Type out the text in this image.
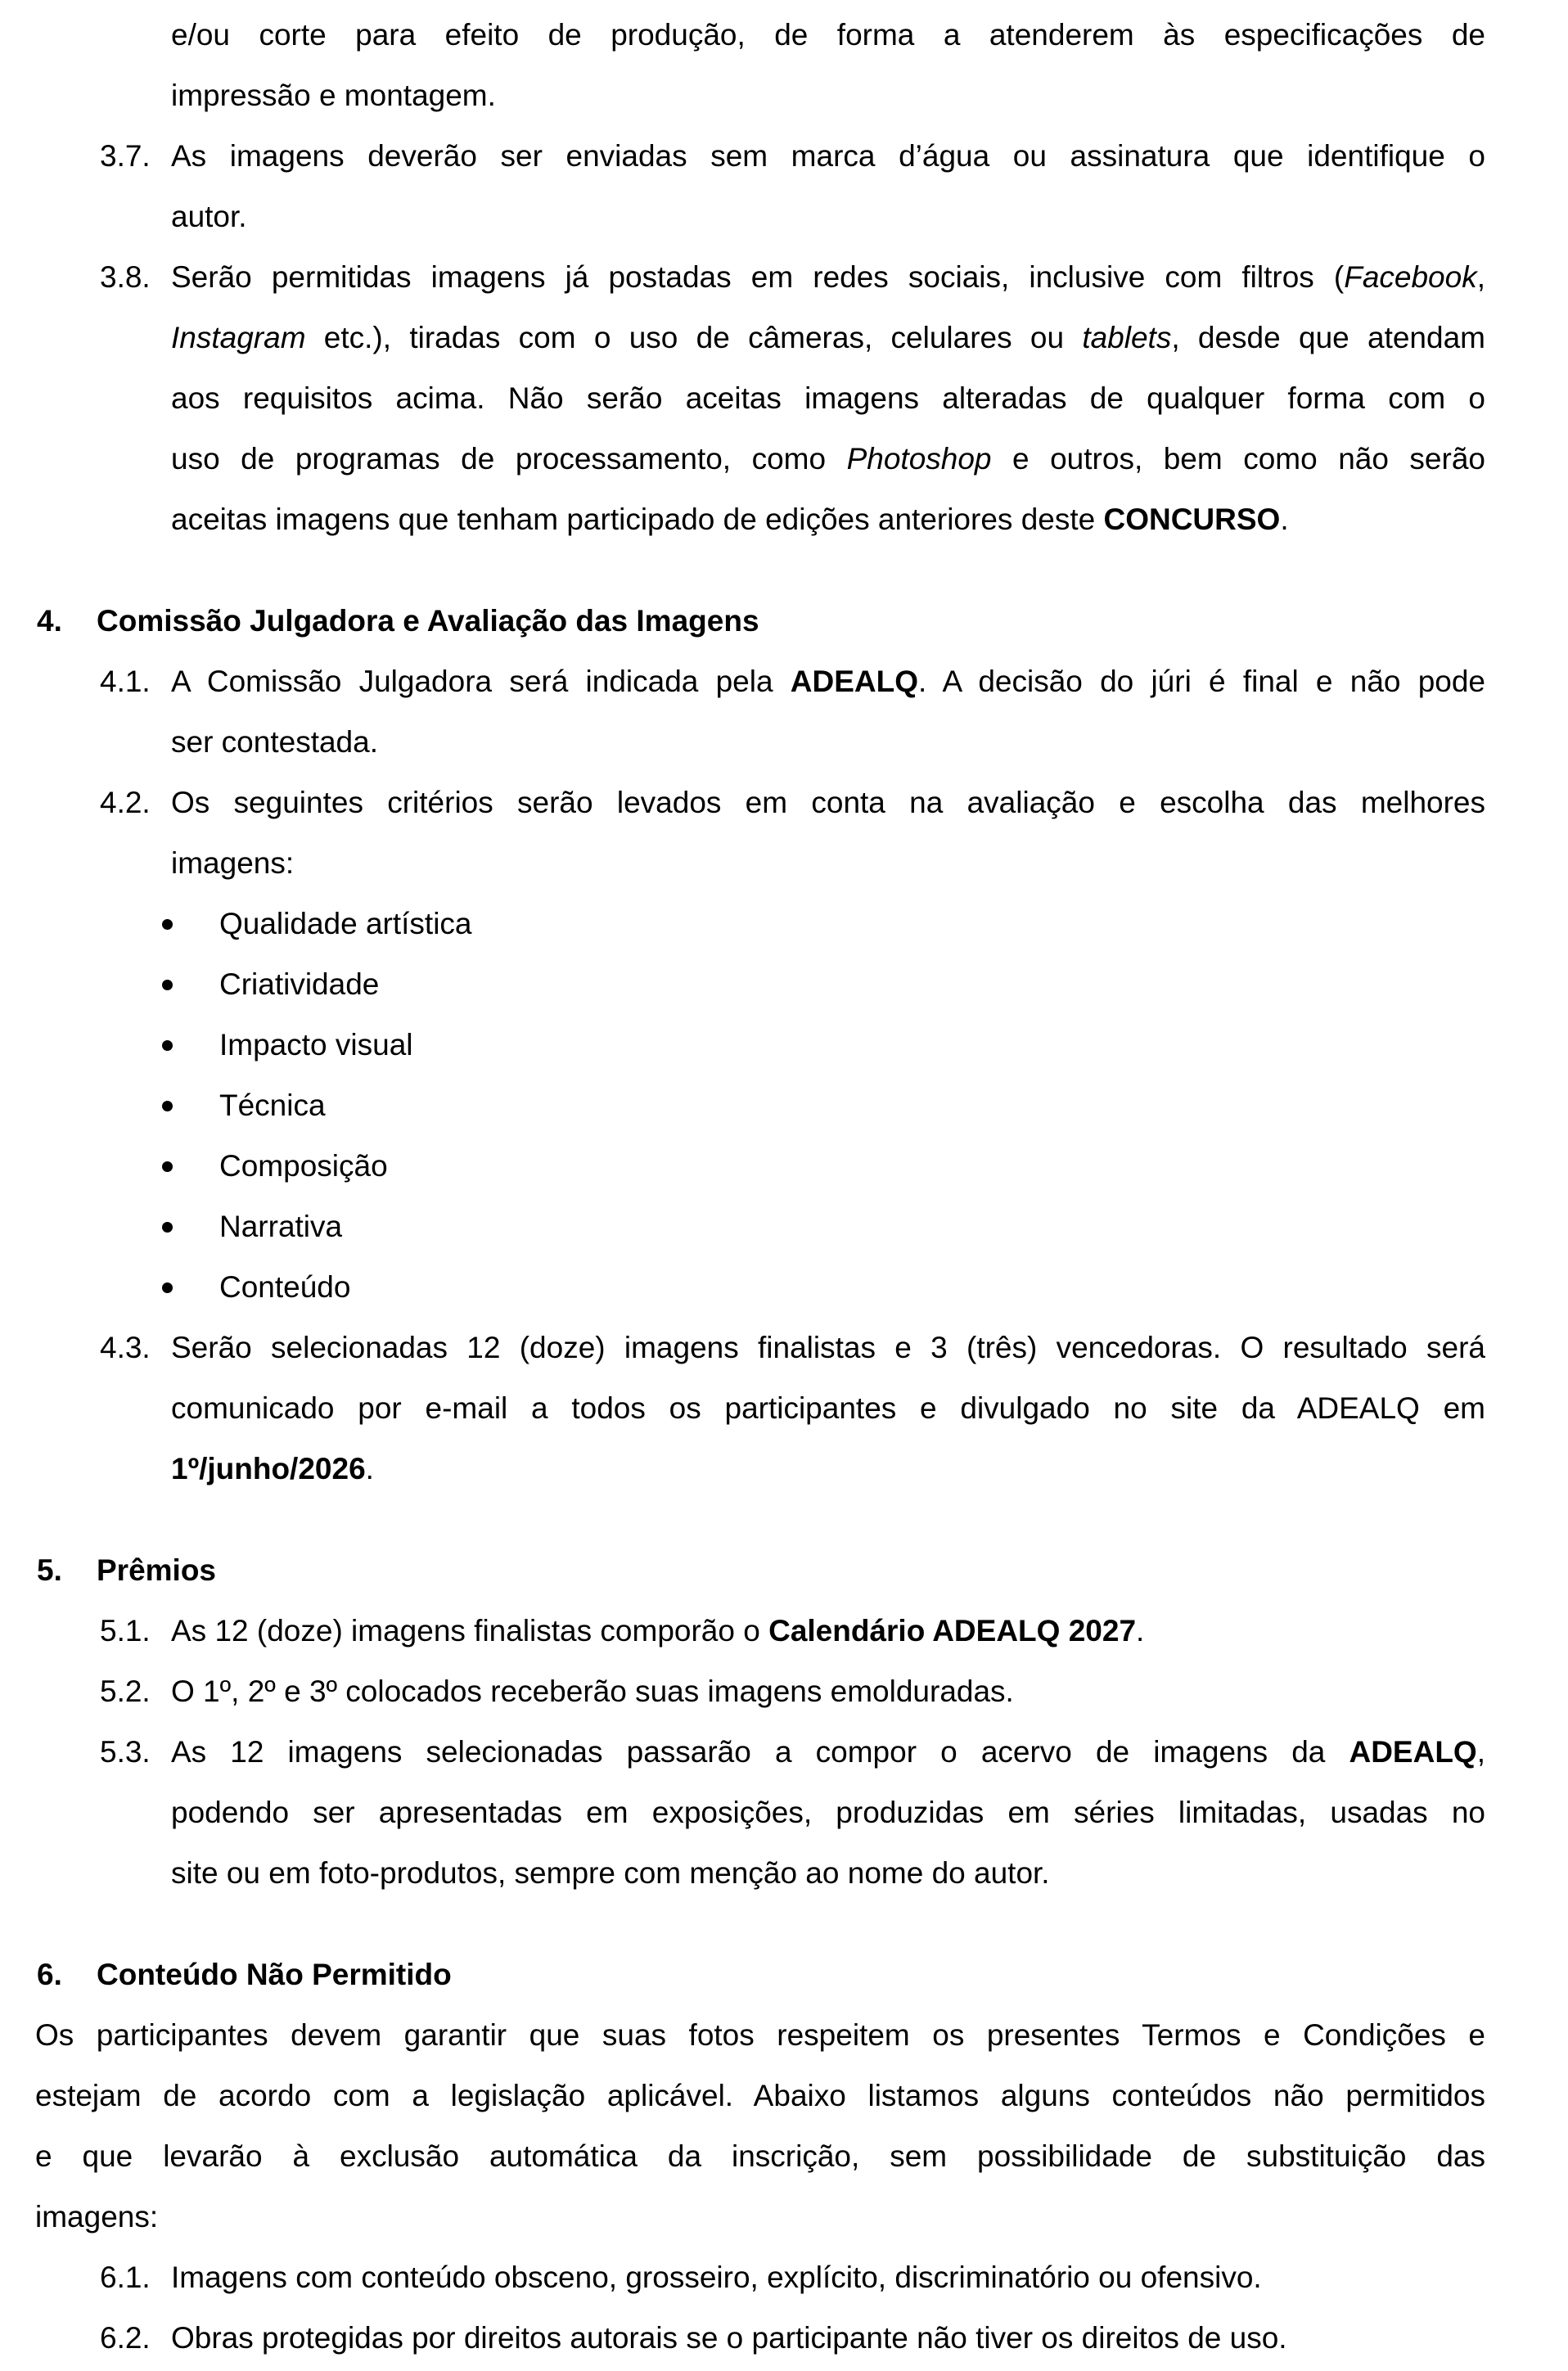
e/ou corte para efeito de produção, de forma a atenderem às especificações de
impressão e montagem.
3.7. As imagens deverão ser enviadas sem marca d’água ou assinatura que identifique o
autor.
3.8. Serão permitidas imagens já postadas em redes sociais, inclusive com filtros (Facebook,
Instagram etc.), tiradas com o uso de câmeras, celulares ou tablets, desde que atendam
aos requisitos acima. Não serão aceitas imagens alteradas de qualquer forma com o
uso de programas de processamento, como Photoshop e outros, bem como não serão
aceitas imagens que tenham participado de edições anteriores deste CONCURSO.
4. Comissão Julgadora e Avaliação das Imagens
4.1. A Comissão Julgadora será indicada pela ADEALQ. A decisão do júri é final e não pode
ser contestada.
4.2. Os seguintes critérios serão levados em conta na avaliação e escolha das melhores
imagens:
Qualidade artística
Criatividade
Impacto visual
Técnica
Composição
Narrativa
Conteúdo
4.3. Serão selecionadas 12 (doze) imagens finalistas e 3 (três) vencedoras. O resultado será
comunicado por e-mail a todos os participantes e divulgado no site da ADEALQ em
1º/junho/2026.
5. Prêmios
5.1. As 12 (doze) imagens finalistas comporão o Calendário ADEALQ 2027.
5.2. O 1º, 2º e 3º colocados receberão suas imagens emolduradas.
5.3. As 12 imagens selecionadas passarão a compor o acervo de imagens da ADEALQ,
podendo ser apresentadas em exposições, produzidas em séries limitadas, usadas no
site ou em foto-produtos, sempre com menção ao nome do autor.
6. Conteúdo Não Permitido
Os participantes devem garantir que suas fotos respeitem os presentes Termos e Condições e
estejam de acordo com a legislação aplicável. Abaixo listamos alguns conteúdos não permitidos
e que levarão à exclusão automática da inscrição, sem possibilidade de substituição das
imagens:
6.1. Imagens com conteúdo obsceno, grosseiro, explícito, discriminatório ou ofensivo.
6.2. Obras protegidas por direitos autorais se o participante não tiver os direitos de uso.
